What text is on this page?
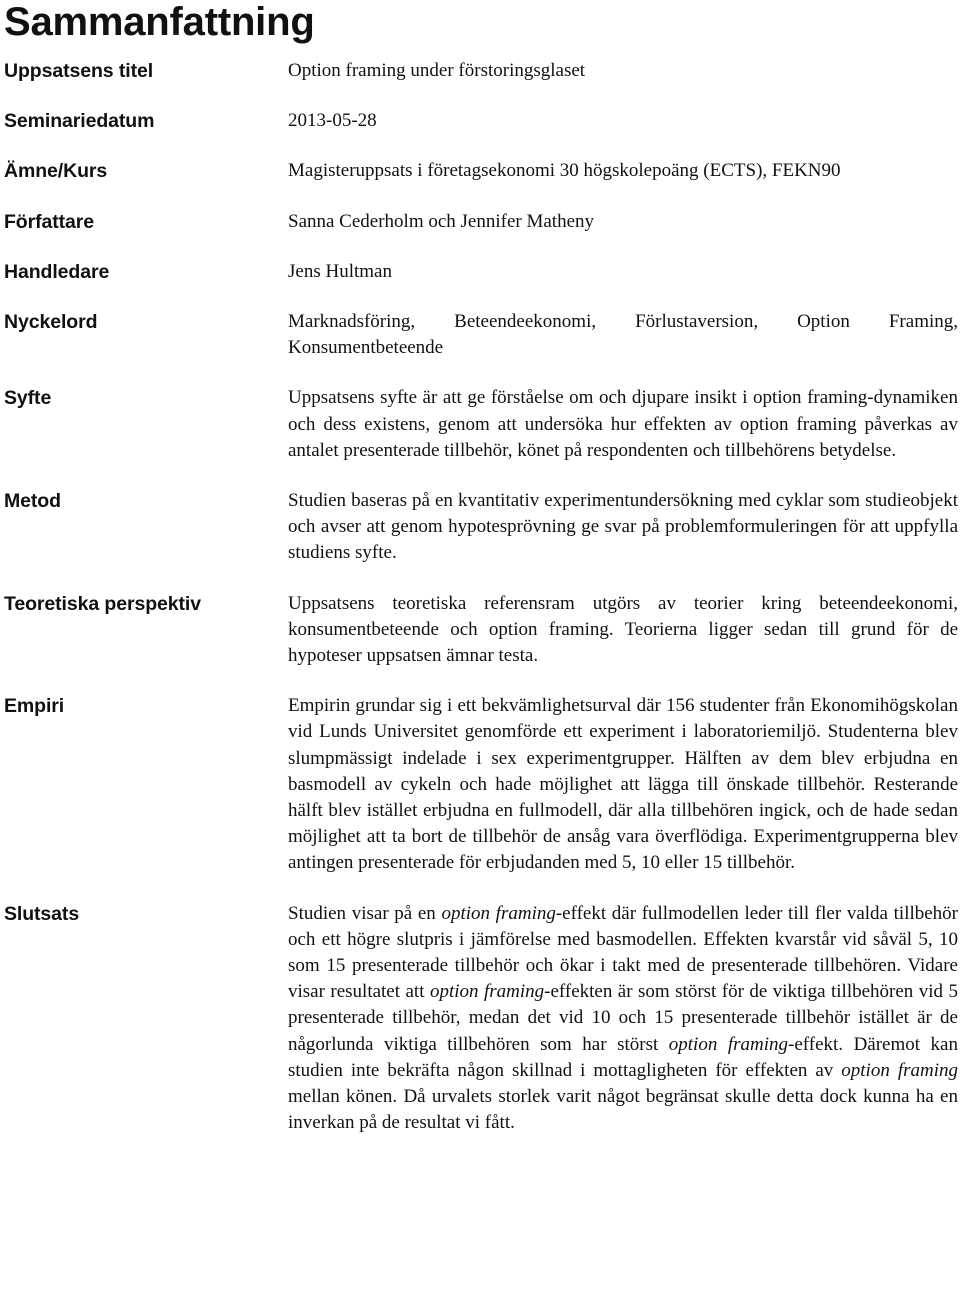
Sammanfattning
Uppsatsens titel	Option framing under förstoringsglaset
Seminariedatum	2013-05-28
Ämne/Kurs	Magisteruppsats i företagsekonomi 30 högskolepoäng (ECTS), FEKN90
Författare	Sanna Cederholm och Jennifer Matheny
Handledare	Jens Hultman
Nyckelord	Marknadsföring, Beteendeekonomi, Förlustaversion, Option Framing, Konsumentbeteende
Syfte	Uppsatsens syfte är att ge förståelse om och djupare insikt i option framing-dynamiken och dess existens, genom att undersöka hur effekten av option framing påverkas av antalet presenterade tillbehör, könet på respondenten och tillbehörens betydelse.
Metod	Studien baseras på en kvantitativ experimentundersökning med cyklar som studieobjekt och avser att genom hypotesprövning ge svar på problemformuleringen för att uppfylla studiens syfte.
Teoretiska perspektiv	Uppsatsens teoretiska referensram utgörs av teorier kring beteendeekonomi, konsumentbeteende och option framing. Teorierna ligger sedan till grund för de hypoteser uppsatsen ämnar testa.
Empiri	Empirin grundar sig i ett bekvämlighetsurval där 156 studenter från Ekonomihögskolan vid Lunds Universitet genomförde ett experiment i laboratoriemiljö. Studenterna blev slumpmässigt indelade i sex experimentgrupper. Hälften av dem blev erbjudna en basmodell av cykeln och hade möjlighet att lägga till önskade tillbehör. Resterande hälft blev istället erbjudna en fullmodell, där alla tillbehören ingick, och de hade sedan möjlighet att ta bort de tillbehör de ansåg vara överflödiga. Experimentgrupperna blev antingen presenterade för erbjudanden med 5, 10 eller 15 tillbehör.
Slutsats	Studien visar på en option framing-effekt där fullmodellen leder till fler valda tillbehör och ett högre slutpris i jämförelse med basmodellen. Effekten kvarstår vid såväl 5, 10 som 15 presenterade tillbehör och ökar i takt med de presenterade tillbehören. Vidare visar resultatet att option framing-effekten är som störst för de viktiga tillbehören vid 5 presenterade tillbehör, medan det vid 10 och 15 presenterade tillbehör istället är de någorlunda viktiga tillbehören som har störst option framing-effekt. Däremot kan studien inte bekräfta någon skillnad i mottagligheten för effekten av option framing mellan könen. Då urvalets storlek varit något begränsat skulle detta dock kunna ha en inverkan på de resultat vi fått.
